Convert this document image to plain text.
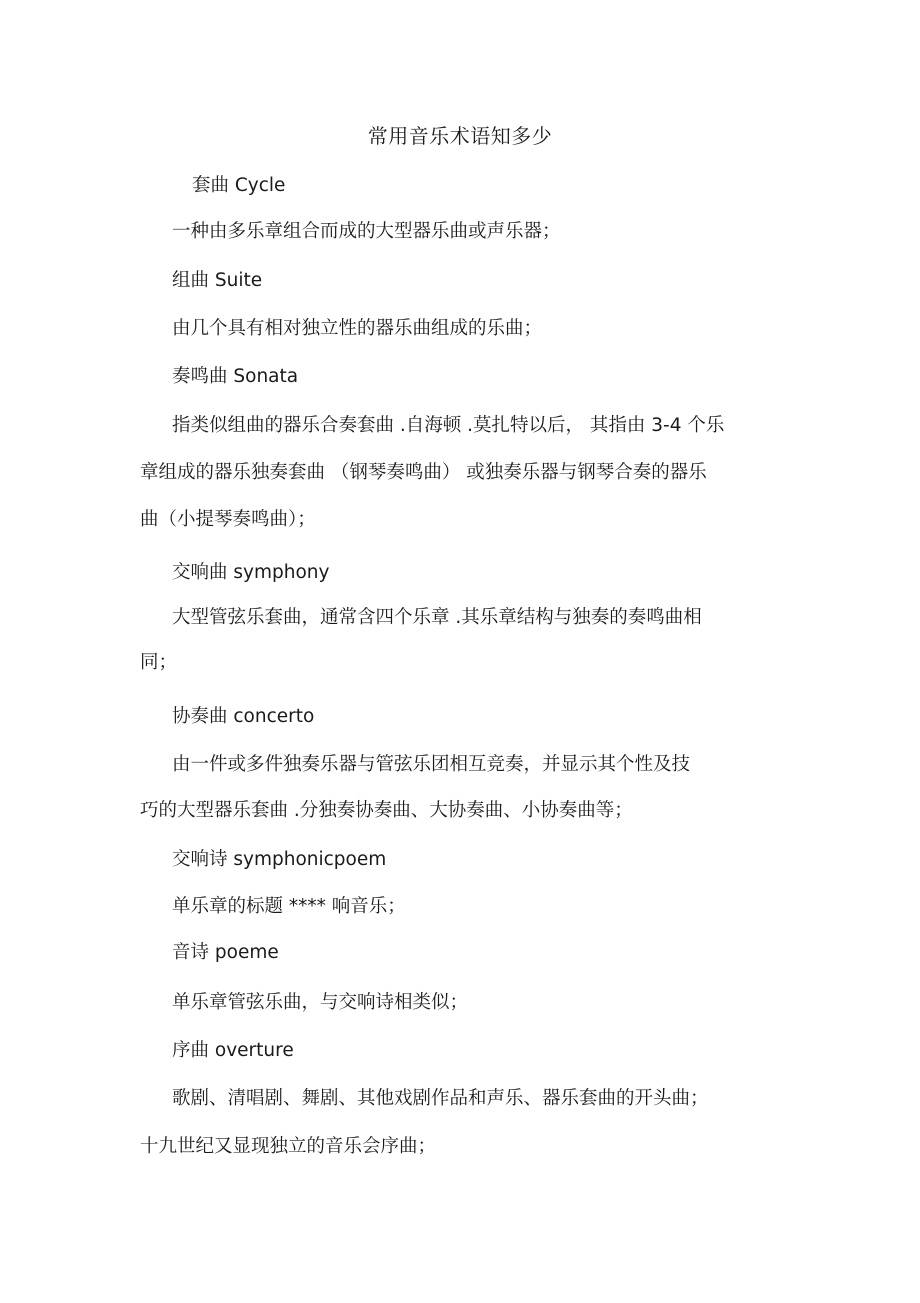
常用音乐术语知多少
套曲 Cycle
一种由多乐章组合而成的大型器乐曲或声乐器；
组曲 Suite
由几个具有相对独立性的器乐曲组成的乐曲；
奏鸣曲 Sonata
指类似组曲的器乐合奏套曲 .自海顿 .莫扎特以后， 其指由 3-4 个乐
章组成的器乐独奏套曲 （钢琴奏鸣曲） 或独奏乐器与钢琴合奏的器乐
曲（小提琴奏鸣曲）；
交响曲 symphony
大型管弦乐套曲，通常含四个乐章 .其乐章结构与独奏的奏鸣曲相
同；
协奏曲 concerto
由一件或多件独奏乐器与管弦乐团相互竞奏，并显示其个性及技
巧的大型器乐套曲 .分独奏协奏曲、大协奏曲、小协奏曲等；
交响诗 symphonicpoem
单乐章的标题 **** 响音乐；
音诗 poeme
单乐章管弦乐曲，与交响诗相类似；
序曲 overture
歌剧、清唱剧、舞剧、其他戏剧作品和声乐、器乐套曲的开头曲；
十九世纪又显现独立的音乐会序曲；
